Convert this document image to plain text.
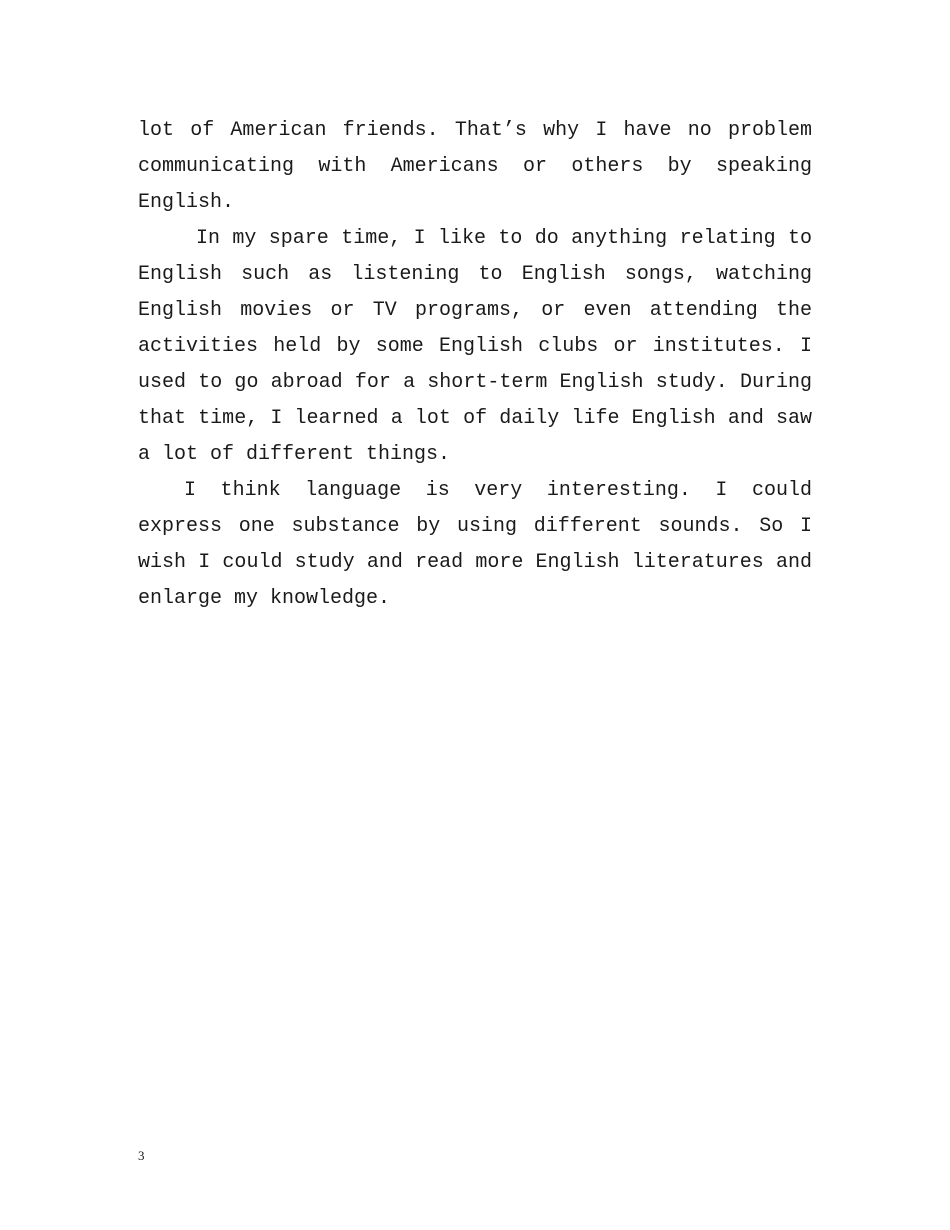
lot of American friends. That’s why I have no problem communicating with Americans or others by speaking English.

In my spare time, I like to do anything relating to English such as listening to English songs, watching English movies or TV programs, or even attending the activities held by some English clubs or institutes. I used to go abroad for a short-term English study. During that time, I learned a lot of daily life English and saw a lot of different things.

I think language is very interesting. I could express one substance by using different sounds. So I wish I could study and read more English literatures and enlarge my knowledge.

3
